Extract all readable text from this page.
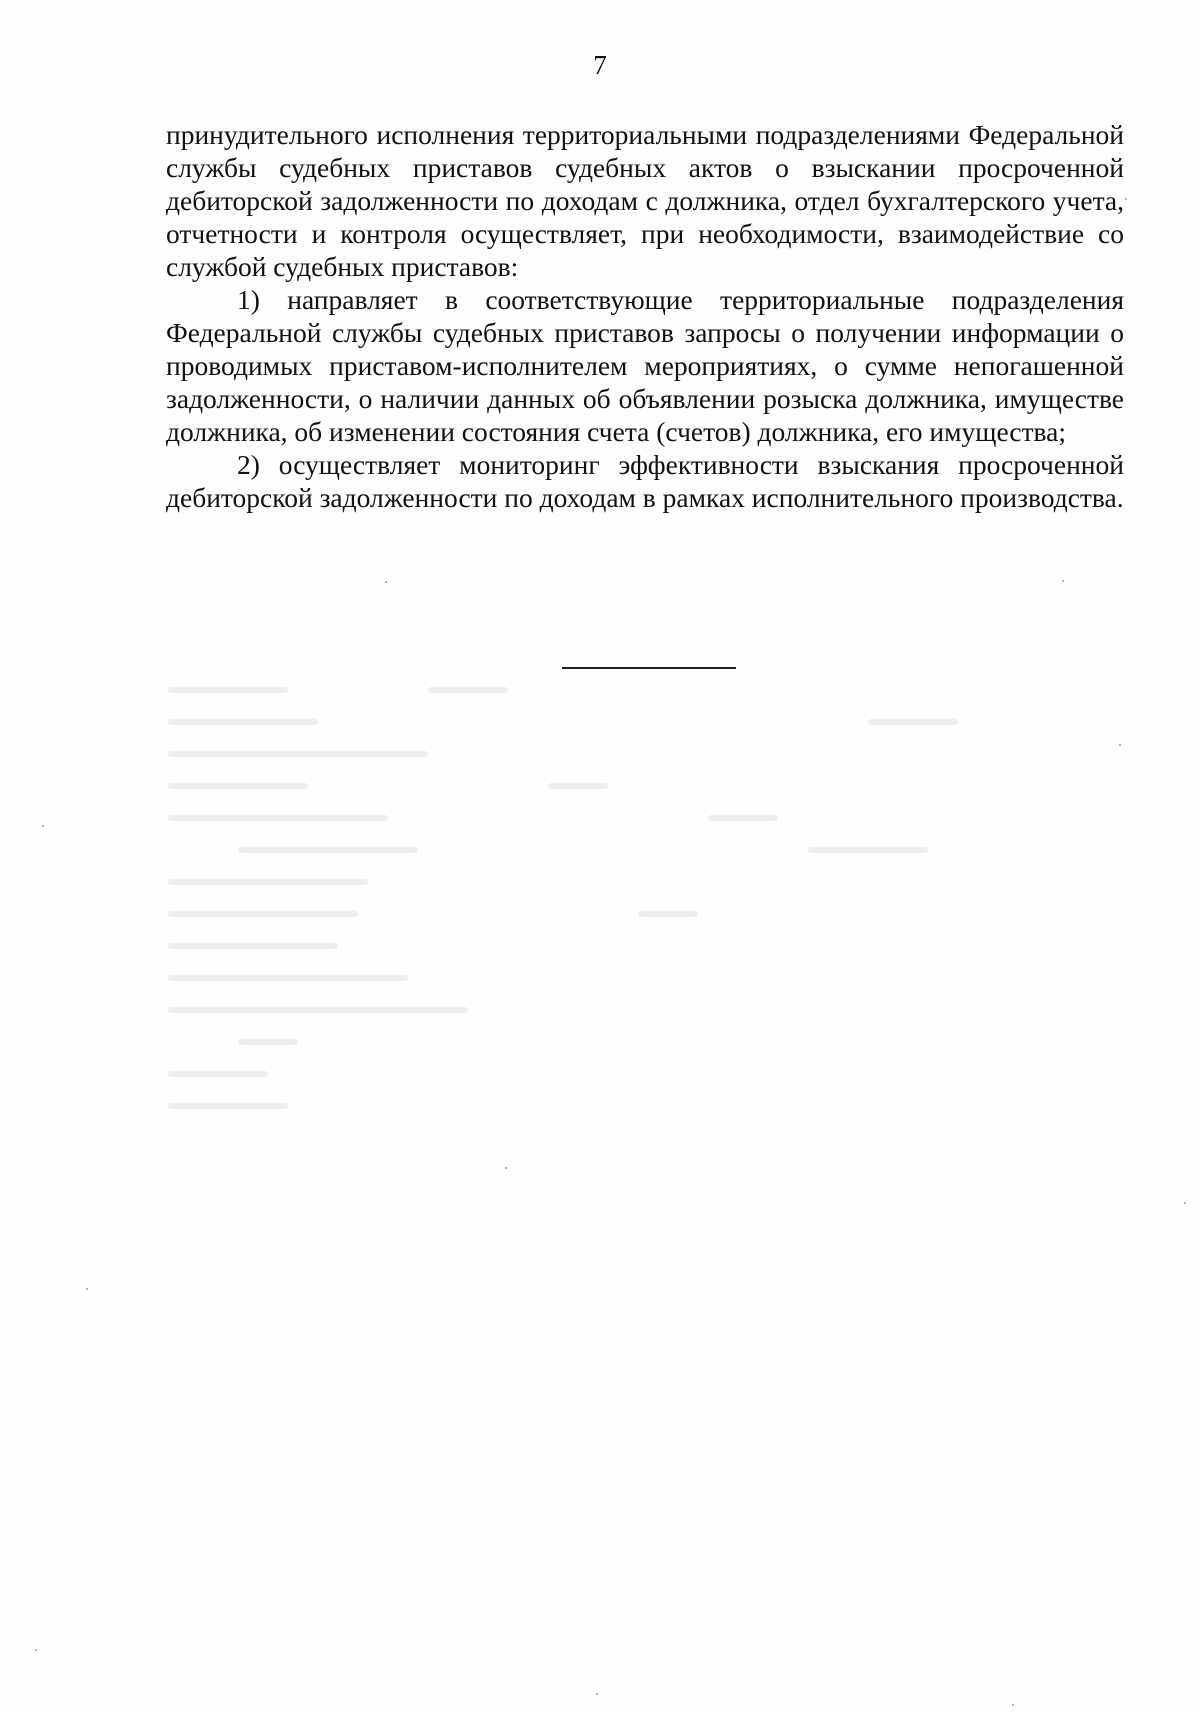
7

принудительного исполнения территориальными подразделениями Федеральной службы судебных приставов судебных актов о взыскании просроченной дебиторской задолженности по доходам с должника, отдел бухгалтерского учета, отчетности и контроля осуществляет, при необходимости, взаимодействие со службой судебных приставов:

1) направляет в соответствующие территориальные подразделения Федеральной службы судебных приставов запросы о получении информации о проводимых приставом-исполнителем мероприятиях, о сумме непогашенной задолженности, о наличии данных об объявлении розыска должника, имуществе должника, об изменении состояния счета (счетов) должника, его имущества;

2) осуществляет мониторинг эффективности взыскания просроченной дебиторской задолженности по доходам в рамках исполнительного производства.
